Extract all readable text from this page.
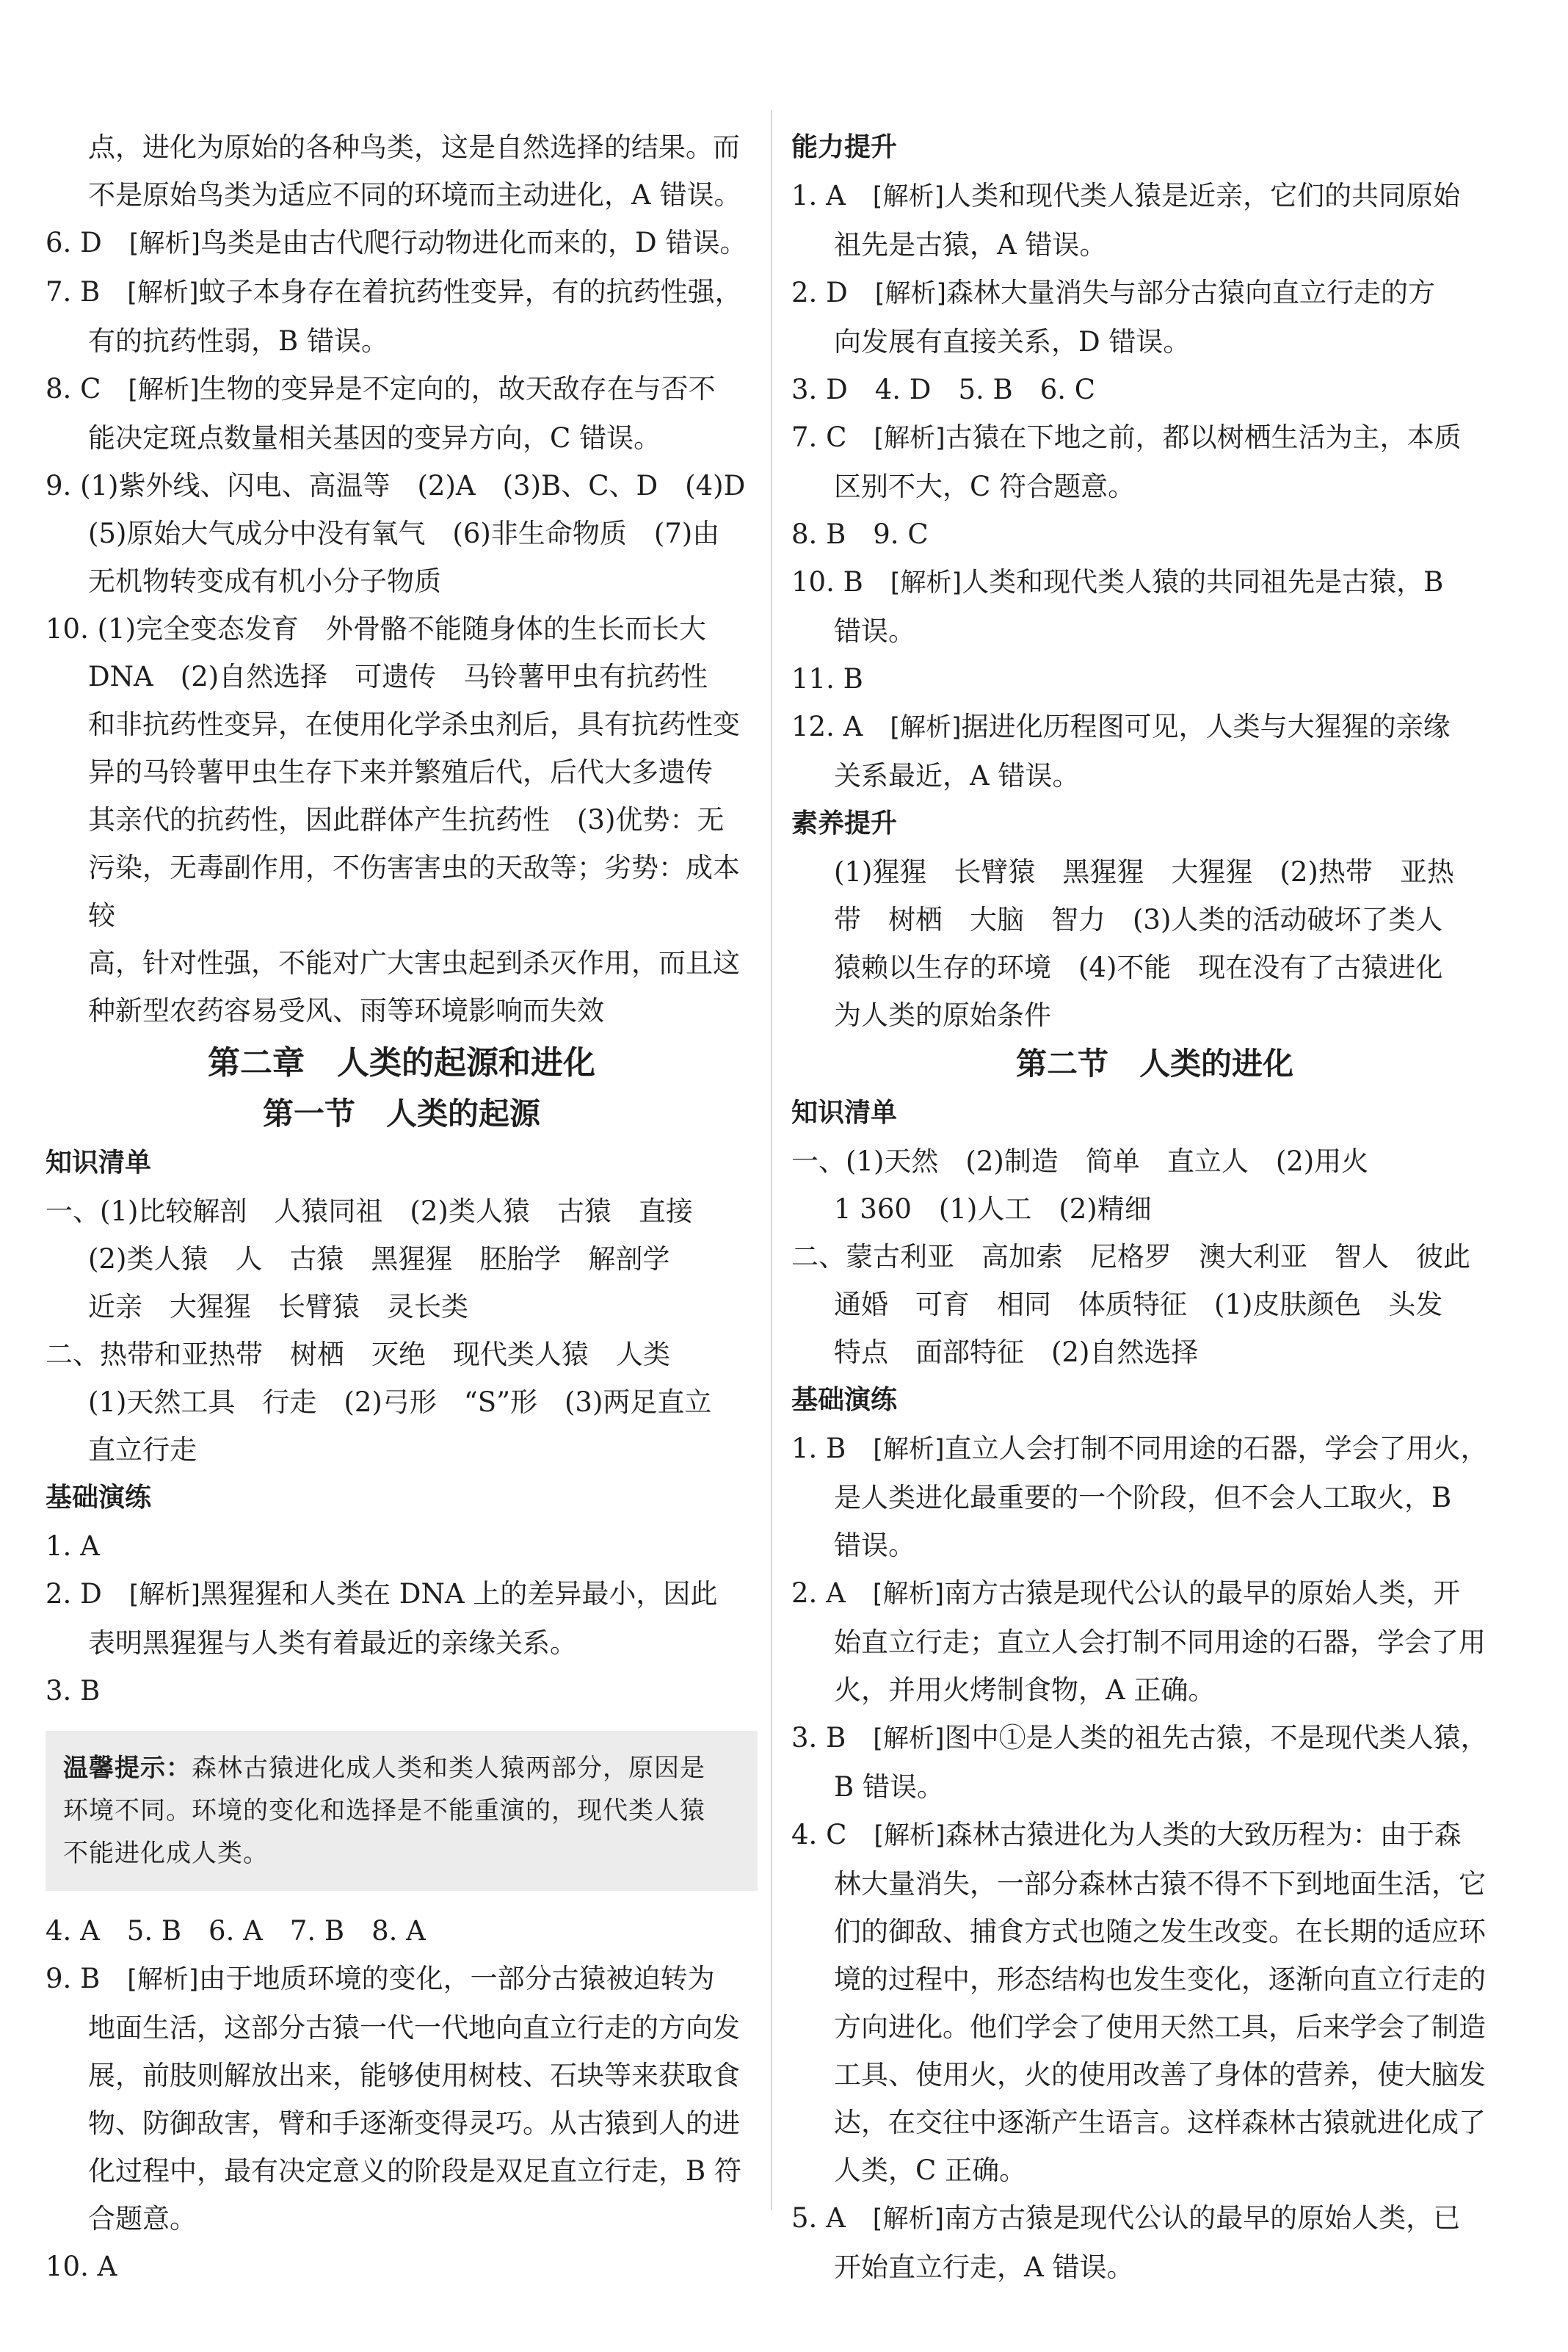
点，进化为原始的各种鸟类，这是自然选择的结果。而

不是原始鸟类为适应不同的环境而主动进化，A 错误。

6. D　 [解析]鸟类是由古代爬行动物进化而来的，D 错误。

7. B　 [解析]蚊子本身存在着抗药性变异，有的抗药性强，

有的抗药性弱，B 错误。

8. C　 [解析]生物的变异是不定向的，故天敌存在与否不

能决定斑点数量相关基因的变异方向，C 错误。

9. (1)紫外线、闪电、高温等　(2)A　(3)B、C、D　(4)D

(5)原始大气成分中没有氧气　(6)非生命物质　(7)由

无机物转变成有机小分子物质

10. (1)完全变态发育　外骨骼不能随身体的生长而长大

DNA　(2)自然选择　可遗传　马铃薯甲虫有抗药性

和非抗药性变异，在使用化学杀虫剂后，具有抗药性变

异的马铃薯甲虫生存下来并繁殖后代，后代大多遗传

其亲代的抗药性，因此群体产生抗药性　(3)优势：无

污染，无毒副作用，不伤害害虫的天敌等；劣势：成本较

高，针对性强，不能对广大害虫起到杀灭作用，而且这

种新型农药容易受风、雨等环境影响而失效

第二章　人类的起源和进化

第一节　人类的起源

知识清单

一、(1)比较解剖　人猿同祖　(2)类人猿　古猿　直接

(2)类人猿　人　古猿　黑猩猩　胚胎学　解剖学

近亲　大猩猩　长臂猿　灵长类

二、热带和亚热带　树栖　灭绝　现代类人猿　人类

(1)天然工具　行走　(2)弓形　“S”形　(3)两足直立

直立行走

基础演练

1. A

2. D　 [解析]黑猩猩和人类在 DNA 上的差异最小，因此

表明黑猩猩与人类有着最近的亲缘关系。

3. B

温馨提示：森林古猿进化成人类和类人猿两部分，原因是环境不同。环境的变化和选择是不能重演的，现代类人猿不能进化成人类。

4. A　5. B　6. A　7. B　8. A

9. B　 [解析]由于地质环境的变化，一部分古猿被迫转为

地面生活，这部分古猿一代一代地向直立行走的方向发

展，前肢则解放出来，能够使用树枝、石块等来获取食

物、防御敌害，臂和手逐渐变得灵巧。从古猿到人的进

化过程中，最有决定意义的阶段是双足直立行走，B 符

合题意。

10. A

能力提升

1. A　 [解析]人类和现代类人猿是近亲，它们的共同原始

祖先是古猿，A 错误。

2. D　 [解析]森林大量消失与部分古猿向直立行走的方

向发展有直接关系，D 错误。

3. D　4. D　5. B　6. C

7. C　 [解析]古猿在下地之前，都以树栖生活为主，本质

区别不大，C 符合题意。

8. B　9. C

10. B　 [解析]人类和现代类人猿的共同祖先是古猿，B

错误。

11. B

12. A　 [解析]据进化历程图可见，人类与大猩猩的亲缘

关系最近，A 错误。

素养提升

(1)猩猩　长臂猿　黑猩猩　大猩猩　(2)热带　亚热

带　树栖　大脑　智力　(3)人类的活动破坏了类人

猿赖以生存的环境　(4)不能　现在没有了古猿进化

为人类的原始条件

第二节　人类的进化

知识清单

一、(1)天然　(2)制造　简单　直立人　(2)用火

1 360　(1)人工　(2)精细

二、蒙古利亚　高加索　尼格罗　澳大利亚　智人　彼此

通婚　可育　相同　体质特征　(1)皮肤颜色　头发

特点　面部特征　(2)自然选择

基础演练

1. B　 [解析]直立人会打制不同用途的石器，学会了用火，

是人类进化最重要的一个阶段，但不会人工取火，B

错误。

2. A　 [解析]南方古猿是现代公认的最早的原始人类，开

始直立行走；直立人会打制不同用途的石器，学会了用

火，并用火烤制食物，A 正确。

3. B　 [解析]图中①是人类的祖先古猿，不是现代类人猿，

B 错误。

4. C　 [解析]森林古猿进化为人类的大致历程为：由于森

林大量消失，一部分森林古猿不得不下到地面生活，它

们的御敌、捕食方式也随之发生改变。在长期的适应环

境的过程中，形态结构也发生变化，逐渐向直立行走的

方向进化。他们学会了使用天然工具，后来学会了制造

工具、使用火，火的使用改善了身体的营养，使大脑发

达，在交往中逐渐产生语言。这样森林古猿就进化成了

人类，C 正确。

5. A　 [解析]南方古猿是现代公认的最早的原始人类，已

开始直立行走，A 错误。
